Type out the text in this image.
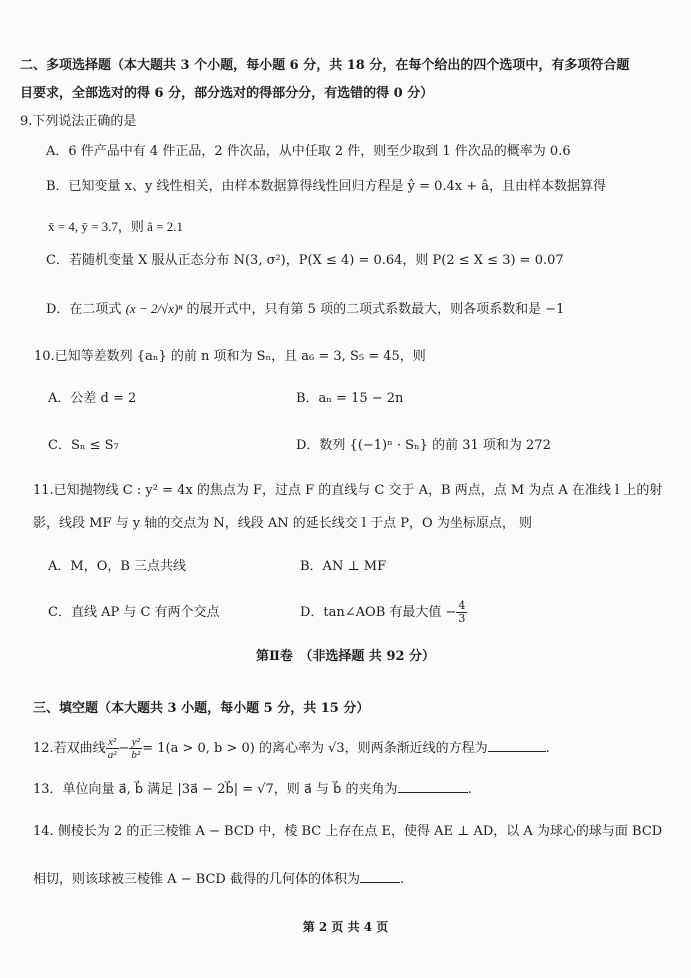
二、多项选择题（本大题共 3 个小题，每小题 6 分，共 18 分，在每个给出的四个选项中，有多项符合题
目要求，全部选对的得 6 分，部分选对的得部分分，有选错的得 0 分）
9.下列说法正确的是
A．6 件产品中有 4 件正品，2 件次品，从中任取 2 件，则至少取到 1 件次品的概率为 0.6
B．已知变量 x、y 线性相关，由样本数据算得线性回归方程是 ŷ = 0.4x + â，且由样本数据算得
x̄ = 4, ȳ = 3.7，则 â = 2.1
C．若随机变量 X 服从正态分布 N(3, σ²)，P(X ≤ 4) = 0.64，则 P(2 ≤ X ≤ 3) = 0.07
D．在二项式 (x − 2/√x)ⁿ 的展开式中，只有第 5 项的二项式系数最大，则各项系数和是 −1
10.已知等差数列 {aₙ} 的前 n 项和为 Sₙ，且 a₆ = 3, S₅ = 45，则
A．公差 d = 2	B．aₙ = 15 − 2n
C．Sₙ ≤ S₇	D．数列 {(−1)ⁿ · Sₙ} 的前 31 项和为 272
11.已知抛物线 C : y² = 4x 的焦点为 F，过点 F 的直线与 C 交于 A，B 两点，点 M 为点 A 在准线 l 上的射
影，线段 MF 与 y 轴的交点为 N，线段 AN 的延长线交 l 于点 P，O 为坐标原点， 则
A．M，O，B 三点共线	B．AN ⊥ MF
C．直线 AP 与 C 有两个交点	D．tan∠AOB 有最大值 − $\frac{4}{3}$
第Ⅱ卷　（非选择题 共 92 分）
三、填空题（本大题共 3 小题，每小题 5 分，共 15 分）
12.若双曲线 $\frac{\text{x²}}{\text{a²}} - \frac{\text{y²}}{\text{b²}} = 1(a > 0$, b > 0) 的离心率为 √3，则两条渐近线的方程为	.
13．单位向量 a⃗, b⃗ 满足 |3a⃗ − 2b⃗| = √7，则 a⃗ 与 b⃗ 的夹角为	.
14. 侧棱长为 2 的正三棱锥 A − BCD 中，棱 BC 上存在点 E，使得 AE ⊥ AD，以 A 为球心的球与面 BCD
相切，则该球被三棱锥 A − BCD 截得的几何体的体积为	.
第 2 页 共 4 页
